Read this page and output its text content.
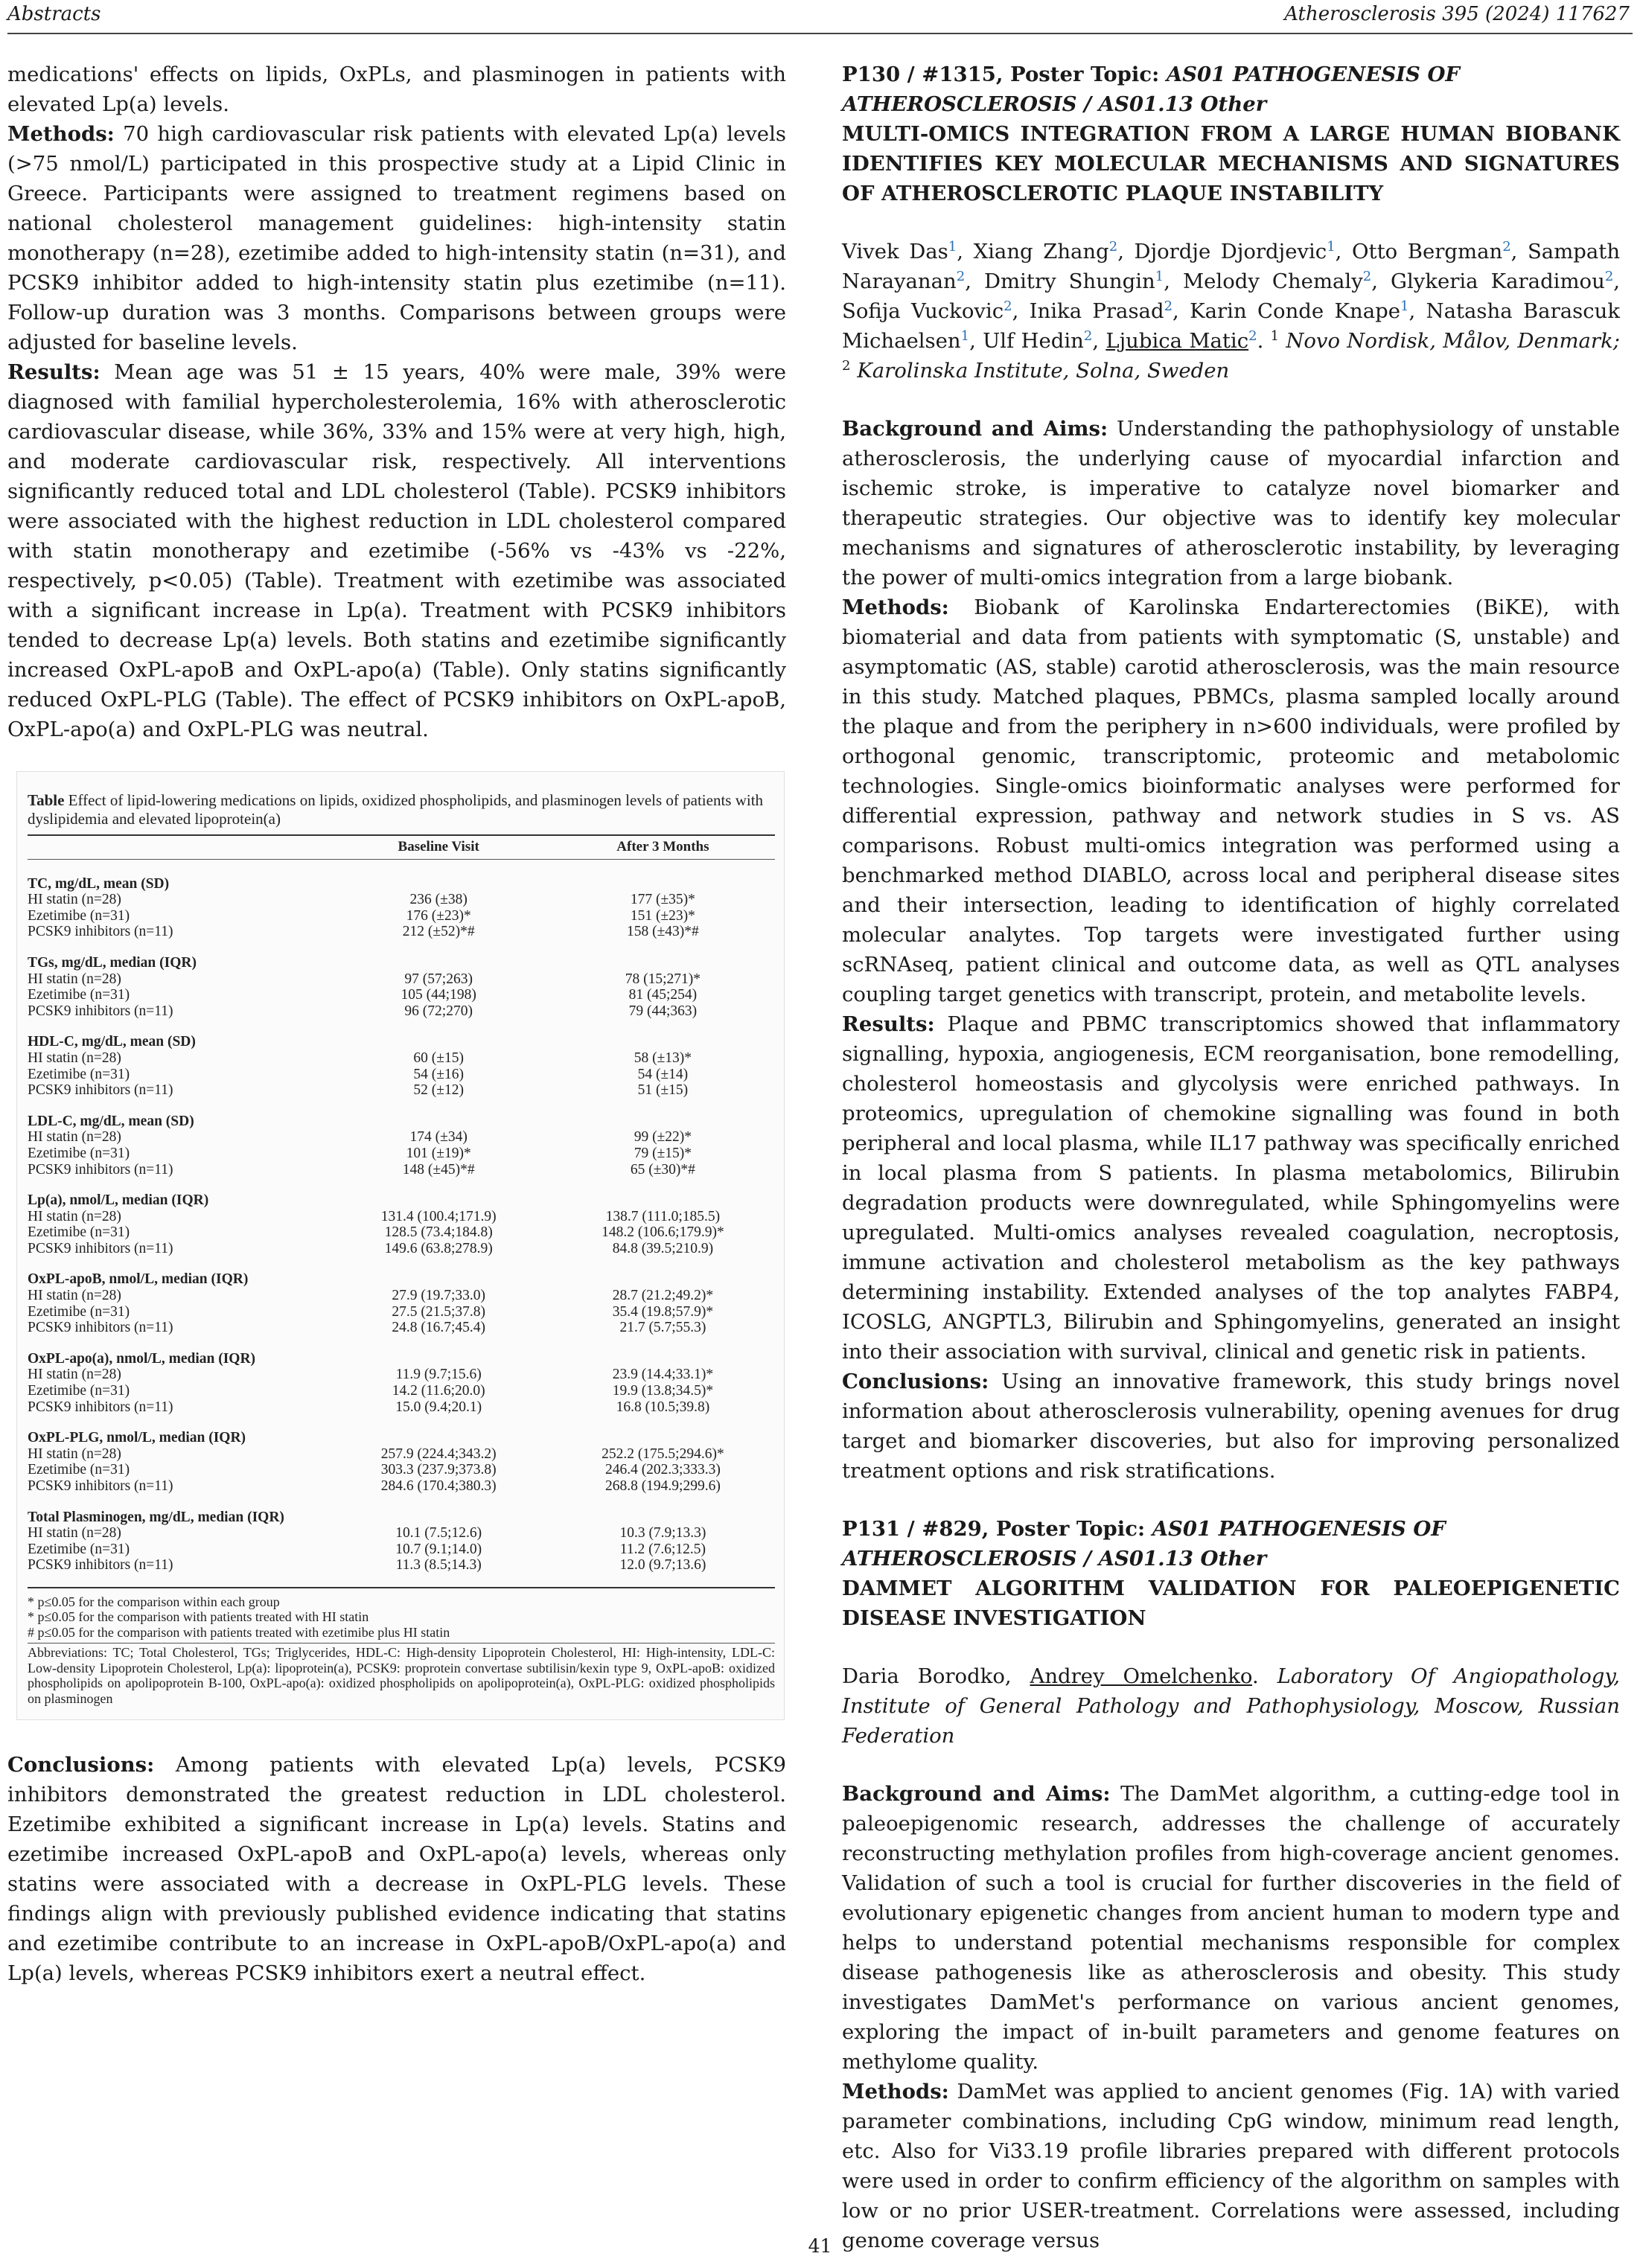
Abstracts	Atherosclerosis 395 (2024) 117627

medications' effects on lipids, OxPLs, and plasminogen in patients with elevated Lp(a) levels.

Methods: 70 high cardiovascular risk patients with elevated Lp(a) levels (>75 nmol/L) participated in this prospective study at a Lipid Clinic in Greece. Participants were assigned to treatment regimens based on national cholesterol management guidelines: high-intensity statin monotherapy (n=28), ezetimibe added to high-intensity statin (n=31), and PCSK9 inhibitor added to high-intensity statin plus ezetimibe (n=11). Follow-up duration was 3 months. Comparisons between groups were adjusted for baseline levels.

Results: Mean age was 51 ± 15 years, 40% were male, 39% were diagnosed with familial hypercholesterolemia, 16% with atherosclerotic cardiovascular disease, while 36%, 33% and 15% were at very high, high, and moderate cardiovascular risk, respectively. All interventions significantly reduced total and LDL cholesterol (Table). PCSK9 inhibitors were associated with the highest reduction in LDL cholesterol compared with statin monotherapy and ezetimibe (-56% vs -43% vs -22%, respectively, p<0.05) (Table). Treatment with ezetimibe was associated with a significant increase in Lp(a). Treatment with PCSK9 inhibitors tended to decrease Lp(a) levels. Both statins and ezetimibe significantly increased OxPL-apoB and OxPL-apo(a) (Table). Only statins significantly reduced OxPL-PLG (Table). The effect of PCSK9 inhibitors on OxPL-apoB, OxPL-apo(a) and OxPL-PLG was neutral.

Table Effect of lipid-lowering medications on lipids, oxidized phospholipids, and plasminogen levels of patients with dyslipidemia and elevated lipoprotein(a)
	Baseline Visit	After 3 Months
TC, mg/dL, mean (SD)		
HI statin (n=28)	236 (±38)	177 (±35)*
Ezetimibe (n=31)	176 (±23)*	151 (±23)*
PCSK9 inhibitors (n=11)	212 (±52)*#	158 (±43)*#
TGs, mg/dL, median (IQR)		
HI statin (n=28)	97 (57;263)	78 (15;271)*
Ezetimibe (n=31)	105 (44;198)	81 (45;254)
PCSK9 inhibitors (n=11)	96 (72;270)	79 (44;363)
HDL-C, mg/dL, mean (SD)		
HI statin (n=28)	60 (±15)	58 (±13)*
Ezetimibe (n=31)	54 (±16)	54 (±14)
PCSK9 inhibitors (n=11)	52 (±12)	51 (±15)
LDL-C, mg/dL, mean (SD)		
HI statin (n=28)	174 (±34)	99 (±22)*
Ezetimibe (n=31)	101 (±19)*	79 (±15)*
PCSK9 inhibitors (n=11)	148 (±45)*#	65 (±30)*#
Lp(a), nmol/L, median (IQR)		
HI statin (n=28)	131.4 (100.4;171.9)	138.7 (111.0;185.5)
Ezetimibe (n=31)	128.5 (73.4;184.8)	148.2 (106.6;179.9)*
PCSK9 inhibitors (n=11)	149.6 (63.8;278.9)	84.8 (39.5;210.9)
OxPL-apoB, nmol/L, median (IQR)		
HI statin (n=28)	27.9 (19.7;33.0)	28.7 (21.2;49.2)*
Ezetimibe (n=31)	27.5 (21.5;37.8)	35.4 (19.8;57.9)*
PCSK9 inhibitors (n=11)	24.8 (16.7;45.4)	21.7 (5.7;55.3)
OxPL-apo(a), nmol/L, median (IQR)		
HI statin (n=28)	11.9 (9.7;15.6)	23.9 (14.4;33.1)*
Ezetimibe (n=31)	14.2 (11.6;20.0)	19.9 (13.8;34.5)*
PCSK9 inhibitors (n=11)	15.0 (9.4;20.1)	16.8 (10.5;39.8)
OxPL-PLG, nmol/L, median (IQR)		
HI statin (n=28)	257.9 (224.4;343.2)	252.2 (175.5;294.6)*
Ezetimibe (n=31)	303.3 (237.9;373.8)	246.4 (202.3;333.3)
PCSK9 inhibitors (n=11)	284.6 (170.4;380.3)	268.8 (194.9;299.6)
Total Plasminogen, mg/dL, median (IQR)		
HI statin (n=28)	10.1 (7.5;12.6)	10.3 (7.9;13.3)
Ezetimibe (n=31)	10.7 (9.1;14.0)	11.2 (7.6;12.5)
PCSK9 inhibitors (n=11)	11.3 (8.5;14.3)	12.0 (9.7;13.6)
* p≤0.05 for the comparison within each group
* p≤0.05 for the comparison with patients treated with HI statin
# p≤0.05 for the comparison with patients treated with ezetimibe plus HI statin
Abbreviations: TC; Total Cholesterol, TGs; Triglycerides, HDL-C: High-density Lipoprotein Cholesterol, HI: High-intensity, LDL-C: Low-density Lipoprotein Cholesterol, Lp(a): lipoprotein(a), PCSK9: proprotein convertase subtilisin/kexin type 9, OxPL-apoB: oxidized phospholipids on apolipoprotein B-100, OxPL-apo(a): oxidized phospholipids on apolipoprotein(a), OxPL-PLG: oxidized phospholipids on plasminogen

Conclusions: Among patients with elevated Lp(a) levels, PCSK9 inhibitors demonstrated the greatest reduction in LDL cholesterol. Ezetimibe exhibited a significant increase in Lp(a) levels. Statins and ezetimibe increased OxPL-apoB and OxPL-apo(a) levels, whereas only statins were associated with a decrease in OxPL-PLG levels. These findings align with previously published evidence indicating that statins and ezetimibe contribute to an increase in OxPL-apoB/OxPL-apo(a) and Lp(a) levels, whereas PCSK9 inhibitors exert a neutral effect.

P130 / #1315, Poster Topic: AS01 PATHOGENESIS OF ATHEROSCLEROSIS / AS01.13 Other

MULTI-OMICS INTEGRATION FROM A LARGE HUMAN BIOBANK IDENTIFIES KEY MOLECULAR MECHANISMS AND SIGNATURES OF ATHEROSCLEROTIC PLAQUE INSTABILITY

Vivek Das$^1$, Xiang Zhang$^2$, Djordje Djordjevic$^1$, Otto Bergman$^2$, Sampath Narayanan$^2$, Dmitry Shungin$^1$, Melody Chemaly$^2$, Glykeria Karadimou$^2$, Sofija Vuckovic$^2$, Inika Prasad$^2$, Karin Conde Knape$^1$, Natasha Barascuk Michaelsen$^1$, Ulf Hedin$^2$, Ljubica Matic$^2$. $^1$ Novo Nordisk, Målov, Denmark; $^2$ Karolinska Institute, Solna, Sweden

Background and Aims: Understanding the pathophysiology of unstable atherosclerosis, the underlying cause of myocardial infarction and ischemic stroke, is imperative to catalyze novel biomarker and therapeutic strategies. Our objective was to identify key molecular mechanisms and signatures of atherosclerotic instability, by leveraging the power of multi-omics integration from a large biobank.

Methods: Biobank of Karolinska Endarterectomies (BiKE), with biomaterial and data from patients with symptomatic (S, unstable) and asymptomatic (AS, stable) carotid atherosclerosis, was the main resource in this study. Matched plaques, PBMCs, plasma sampled locally around the plaque and from the periphery in n>600 individuals, were profiled by orthogonal genomic, transcriptomic, proteomic and metabolomic technologies. Single-omics bioinformatic analyses were performed for differential expression, pathway and network studies in S vs. AS comparisons. Robust multi-omics integration was performed using a benchmarked method DIABLO, across local and peripheral disease sites and their intersection, leading to identification of highly correlated molecular analytes. Top targets were investigated further using scRNAseq, patient clinical and outcome data, as well as QTL analyses coupling target genetics with transcript, protein, and metabolite levels.

Results: Plaque and PBMC transcriptomics showed that inflammatory signalling, hypoxia, angiogenesis, ECM reorganisation, bone remodelling, cholesterol homeostasis and glycolysis were enriched pathways. In proteomics, upregulation of chemokine signalling was found in both peripheral and local plasma, while IL17 pathway was specifically enriched in local plasma from S patients. In plasma metabolomics, Bilirubin degradation products were downregulated, while Sphingomyelins were upregulated. Multi-omics analyses revealed coagulation, necroptosis, immune activation and cholesterol metabolism as the key pathways determining instability. Extended analyses of the top analytes FABP4, ICOSLG, ANGPTL3, Bilirubin and Sphingomyelins, generated an insight into their association with survival, clinical and genetic risk in patients.

Conclusions: Using an innovative framework, this study brings novel information about atherosclerosis vulnerability, opening avenues for drug target and biomarker discoveries, but also for improving personalized treatment options and risk stratifications.

P131 / #829, Poster Topic: AS01 PATHOGENESIS OF ATHEROSCLEROSIS / AS01.13 Other

DAMMET ALGORITHM VALIDATION FOR PALEOEPIGENETIC DISEASE INVESTIGATION

Daria Borodko, Andrey Omelchenko. Laboratory Of Angiopathology, Institute of General Pathology and Pathophysiology, Moscow, Russian Federation

Background and Aims: The DamMet algorithm, a cutting-edge tool in paleoepigenomic research, addresses the challenge of accurately reconstructing methylation profiles from high-coverage ancient genomes. Validation of such a tool is crucial for further discoveries in the field of evolutionary epigenetic changes from ancient human to modern type and helps to understand potential mechanisms responsible for complex disease pathogenesis like as atherosclerosis and obesity. This study investigates DamMet's performance on various ancient genomes, exploring the impact of in-built parameters and genome features on methylome quality.

Methods: DamMet was applied to ancient genomes (Fig. 1A) with varied parameter combinations, including CpG window, minimum read length, etc. Also for Vi33.19 profile libraries prepared with different protocols were used in order to confirm efficiency of the algorithm on samples with low or no prior USER-treatment. Correlations were assessed, including genome coverage versus

41
